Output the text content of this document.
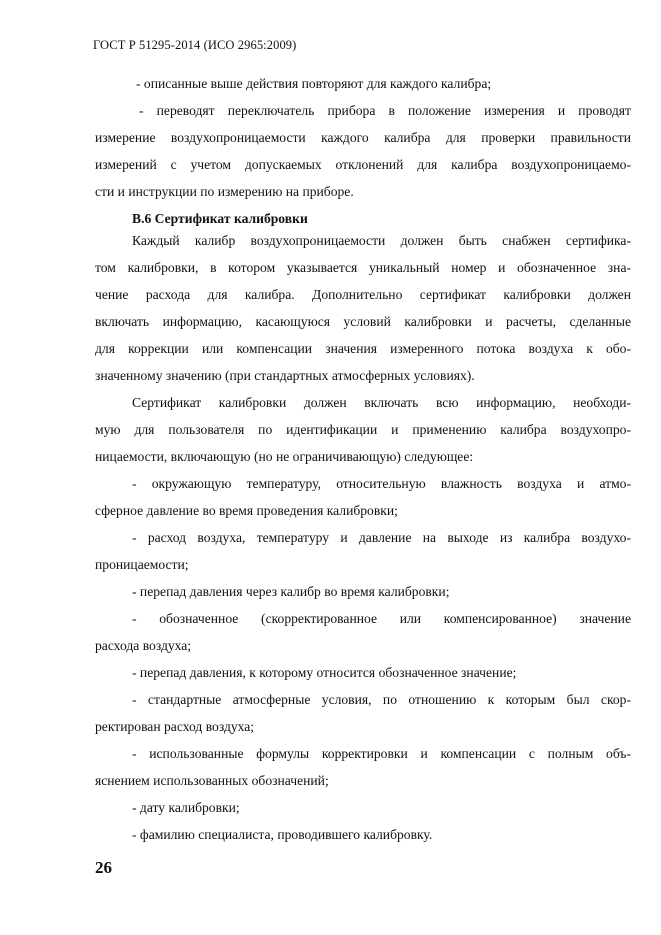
ГОСТ Р 51295-2014 (ИСО 2965:2009)
- описанные выше действия повторяют для каждого калибра;
- переводят переключатель прибора в положение измерения и проводят
измерение воздухопроницаемости каждого калибра для проверки правильности
измерений с учетом допускаемых отклонений для калибра воздухопроницаемо-
сти и инструкции по измерению на приборе.
В.6 Сертификат калибровки
Каждый калибр воздухопроницаемости должен быть снабжен сертифика-
том калибровки, в котором указывается уникальный номер и обозначенное зна-
чение расхода для калибра. Дополнительно сертификат калибровки должен
включать информацию, касающуюся условий калибровки и расчеты, сделанные
для коррекции или компенсации значения измеренного потока воздуха к обо-
значенному значению (при стандартных атмосферных условиях).
Сертификат калибровки должен включать всю информацию, необходи-
мую для пользователя по идентификации и применению калибра воздухопро-
ницаемости, включающую (но не ограничивающую) следующее:
- окружающую температуру, относительную влажность воздуха и атмо-
сферное давление во время проведения калибровки;
- расход воздуха, температуру и давление на выходе из калибра воздухо-
проницаемости;
- перепад давления через калибр во время калибровки;
- обозначенное (скорректированное или компенсированное) значение
расхода воздуха;
- перепад давления, к которому относится обозначенное значение;
- стандартные атмосферные условия, по отношению к которым был скор-
ректирован расход воздуха;
- использованные формулы корректировки и компенсации с полным объ-
яснением использованных обозначений;
- дату калибровки;
- фамилию специалиста, проводившего калибровку.
26
